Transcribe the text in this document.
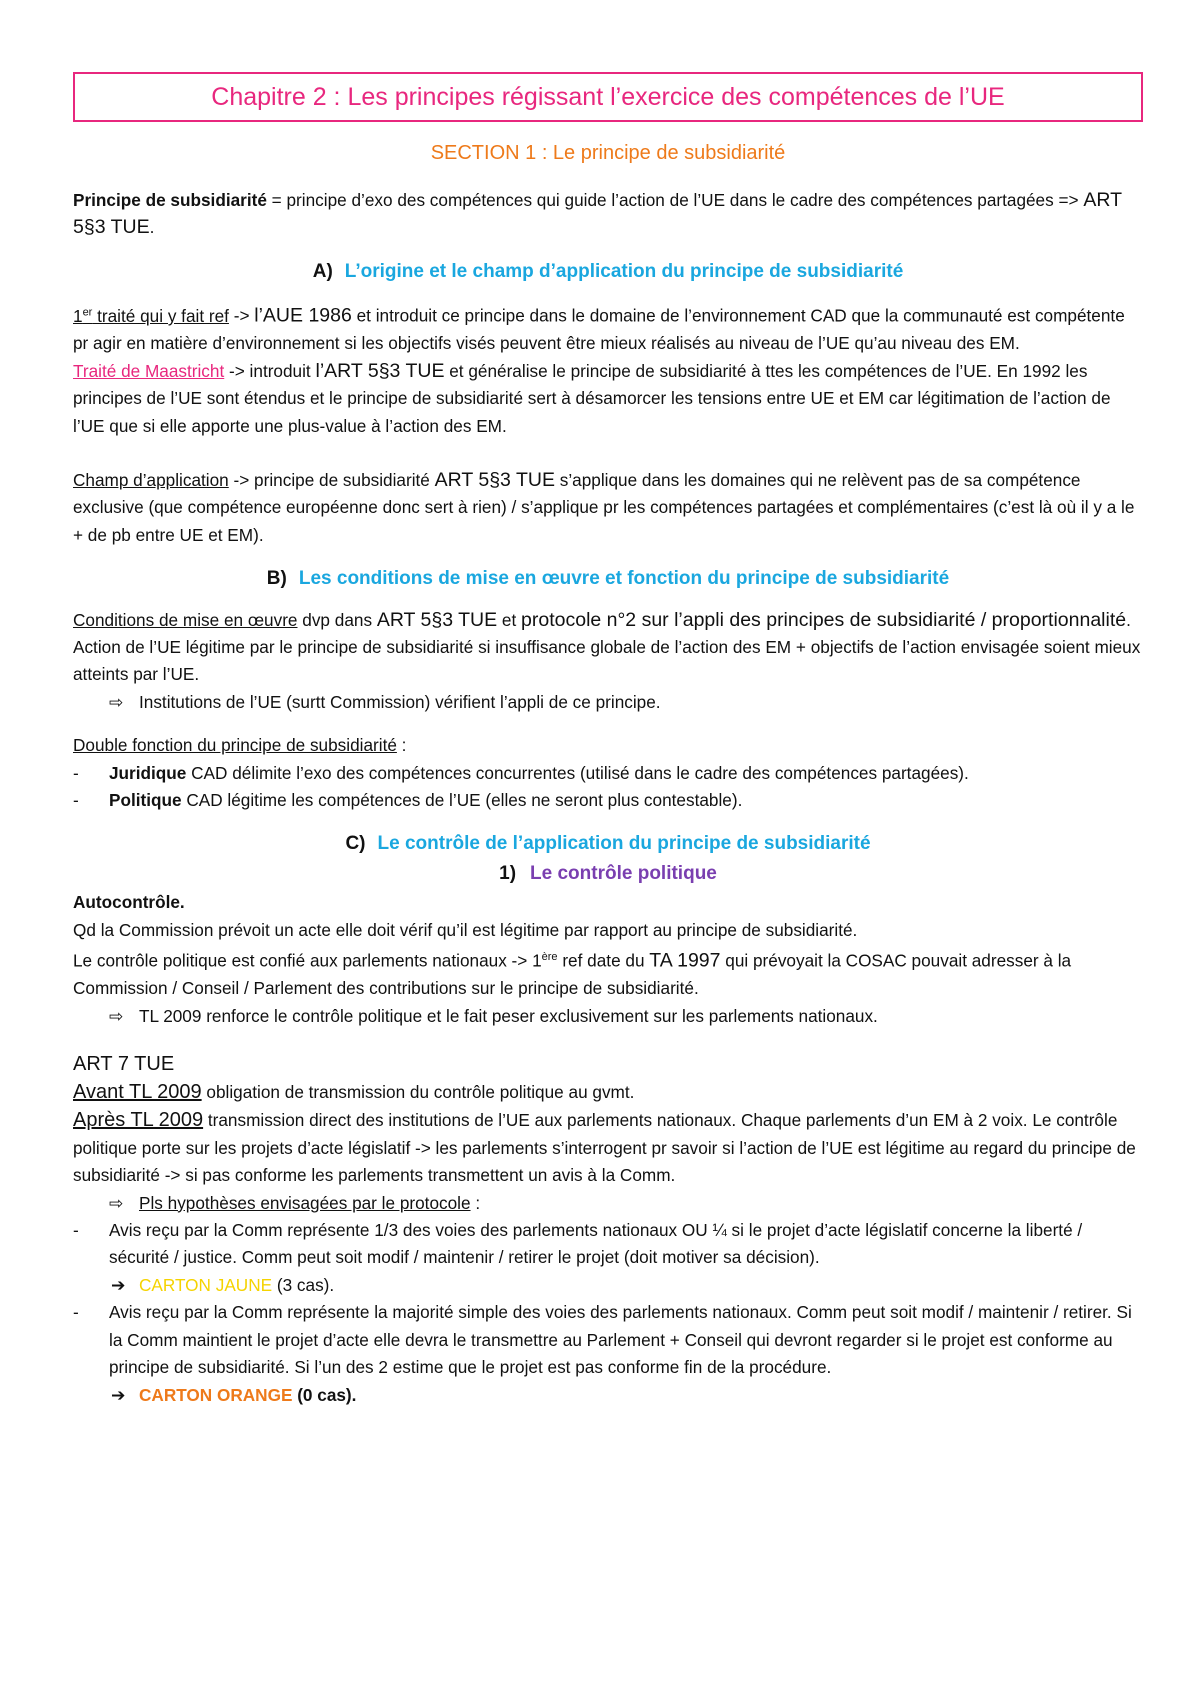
Chapitre 2 : Les principes régissant l’exercice des compétences de l’UE
SECTION 1 : Le principe de subsidiarité

Principe de subsidiarité = principe d’exo des compétences qui guide l’action de l’UE dans le cadre des compétences partagées => ART 5§3 TUE.

A) L’origine et le champ d’application du principe de subsidiarité

1er traité qui y fait ref -> l’AUE 1986 et introduit ce principe dans le domaine de l’environnement CAD que la communauté est compétente pr agir en matière d’environnement si les objectifs visés peuvent être mieux réalisés au niveau de l’UE qu’au niveau des EM.

Traité de Maastricht -> introduit l’ART 5§3 TUE et généralise le principe de subsidiarité à ttes les compétences de l’UE. En 1992 les principes de l’UE sont étendus et le principe de subsidiarité sert à désamorcer les tensions entre UE et EM car légitimation de l’action de l’UE que si elle apporte une plus-value à l’action des EM.

Champ d’application -> principe de subsidiarité ART 5§3 TUE s’applique dans les domaines qui ne relèvent pas de sa compétence exclusive (que compétence européenne donc sert à rien) / s’applique pr les compétences partagées et complémentaires (c’est là où il y a le + de pb entre UE et EM).

B) Les conditions de mise en œuvre et fonction du principe de subsidiarité

Conditions de mise en œuvre dvp dans ART 5§3 TUE et protocole n°2 sur l’appli des principes de subsidiarité / proportionnalité.

Action de l’UE légitime par le principe de subsidiarité si insuffisance globale de l’action des EM + objectifs de l’action envisagée soient mieux atteints par l’UE.

⇨ Institutions de l’UE (surtt Commission) vérifient l’appli de ce principe.

Double fonction du principe de subsidiarité :

-	Juridique CAD délimite l’exo des compétences concurrentes (utilisé dans le cadre des compétences partagées).
-	Politique CAD légitime les compétences de l’UE (elles ne seront plus contestable).
C) Le contrôle de l’application du principe de subsidiarité
1) Le contrôle politique

Autocontrôle.

Qd la Commission prévoit un acte elle doit vérif qu’il est légitime par rapport au principe de subsidiarité.

Le contrôle politique est confié aux parlements nationaux -> 1ère ref date du TA 1997 qui prévoyait la COSAC pouvait adresser à la Commission / Conseil / Parlement des contributions sur le principe de subsidiarité.

⇨ TL 2009 renforce le contrôle politique et le fait peser exclusivement sur les parlements nationaux.

ART 7 TUE

Avant TL 2009 obligation de transmission du contrôle politique au gvmt.

Après TL 2009 transmission direct des institutions de l’UE aux parlements nationaux. Chaque parlements d’un EM à 2 voix. Le contrôle politique porte sur les projets d’acte législatif -> les parlements s’interrogent pr savoir si l’action de l’UE est légitime au regard du principe de subsidiarité -> si pas conforme les parlements transmettent un avis à la Comm.

⇨ Pls hypothèses envisagées par le protocole :

-	Avis reçu par la Comm représente 1/3 des voies des parlements nationaux OU ¼ si le projet d’acte législatif concerne la liberté / sécurité / justice. Comm peut soit modif / maintenir / retirer le projet (doit motiver sa décision).

➔ CARTON JAUNE (3 cas).

-	Avis reçu par la Comm représente la majorité simple des voies des parlements nationaux. Comm peut soit modif / maintenir / retirer. Si la Comm maintient le projet d’acte elle devra le transmettre au Parlement + Conseil qui devront regarder si le projet est conforme au principe de subsidiarité. Si l’un des 2 estime que le projet est pas conforme fin de la procédure.

➔ CARTON ORANGE (0 cas).
